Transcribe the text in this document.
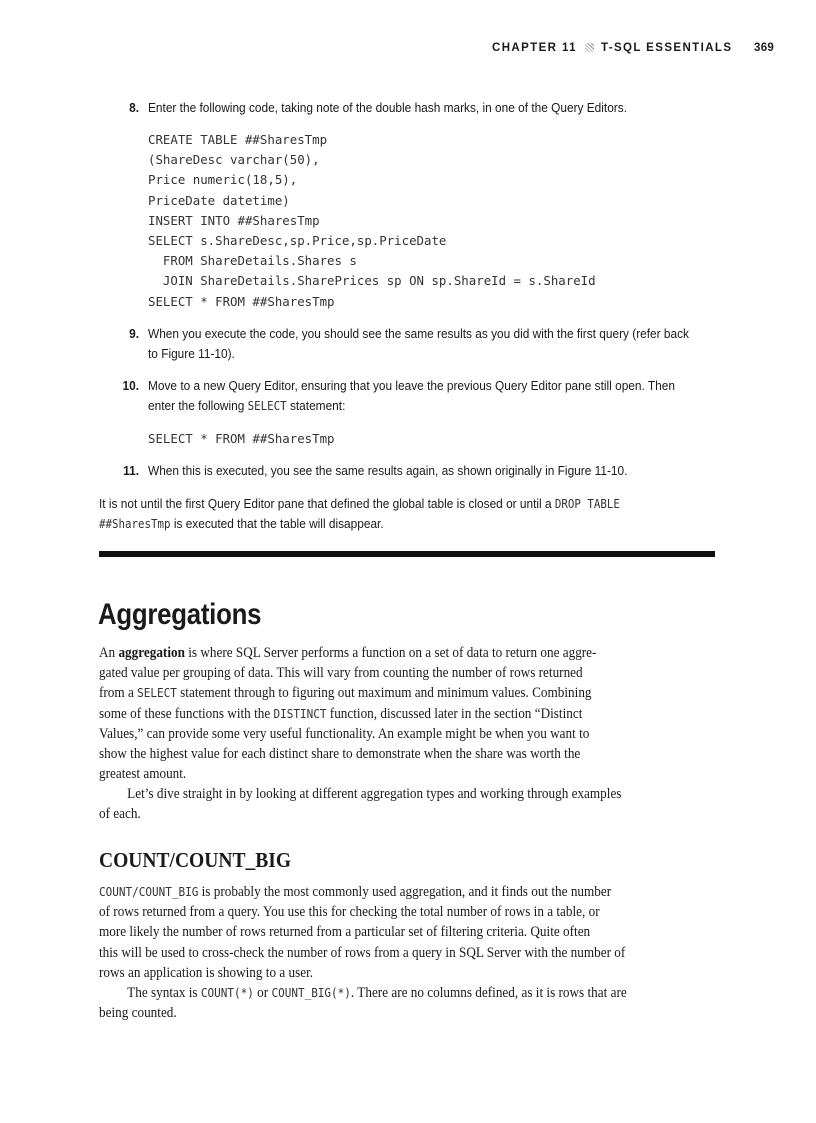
CHAPTER 11 T-SQL ESSENTIALS 369
8. Enter the following code, taking note of the double hash marks, in one of the Query Editors.
CREATE TABLE ##SharesTmp
(ShareDesc varchar(50),
Price numeric(18,5),
PriceDate datetime)
INSERT INTO ##SharesTmp
SELECT s.ShareDesc,sp.Price,sp.PriceDate
FROM ShareDetails.Shares s
JOIN ShareDetails.SharePrices sp ON sp.ShareId = s.ShareId
SELECT * FROM ##SharesTmp
9. When you execute the code, you should see the same results as you did with the first query (refer back
to Figure 11-10).
10. Move to a new Query Editor, ensuring that you leave the previous Query Editor pane still open. Then
enter the following SELECT statement:
SELECT * FROM ##SharesTmp
11. When this is executed, you see the same results again, as shown originally in Figure 11-10.
It is not until the first Query Editor pane that defined the global table is closed or until a DROP TABLE
##SharesTmp is executed that the table will disappear.
Aggregations
An aggregation is where SQL Server performs a function on a set of data to return one aggre-
gated value per grouping of data. This will vary from counting the number of rows returned
from a SELECT statement through to figuring out maximum and minimum values. Combining
some of these functions with the DISTINCT function, discussed later in the section “Distinct
Values,” can provide some very useful functionality. An example might be when you want to
show the highest value for each distinct share to demonstrate when the share was worth the
greatest amount.
Let’s dive straight in by looking at different aggregation types and working through examples
of each.
COUNT/COUNT_BIG
COUNT/COUNT_BIG is probably the most commonly used aggregation, and it finds out the number
of rows returned from a query. You use this for checking the total number of rows in a table, or
more likely the number of rows returned from a particular set of filtering criteria. Quite often
this will be used to cross-check the number of rows from a query in SQL Server with the number of
rows an application is showing to a user.
The syntax is COUNT(*) or COUNT_BIG(*). There are no columns defined, as it is rows that are
being counted.
